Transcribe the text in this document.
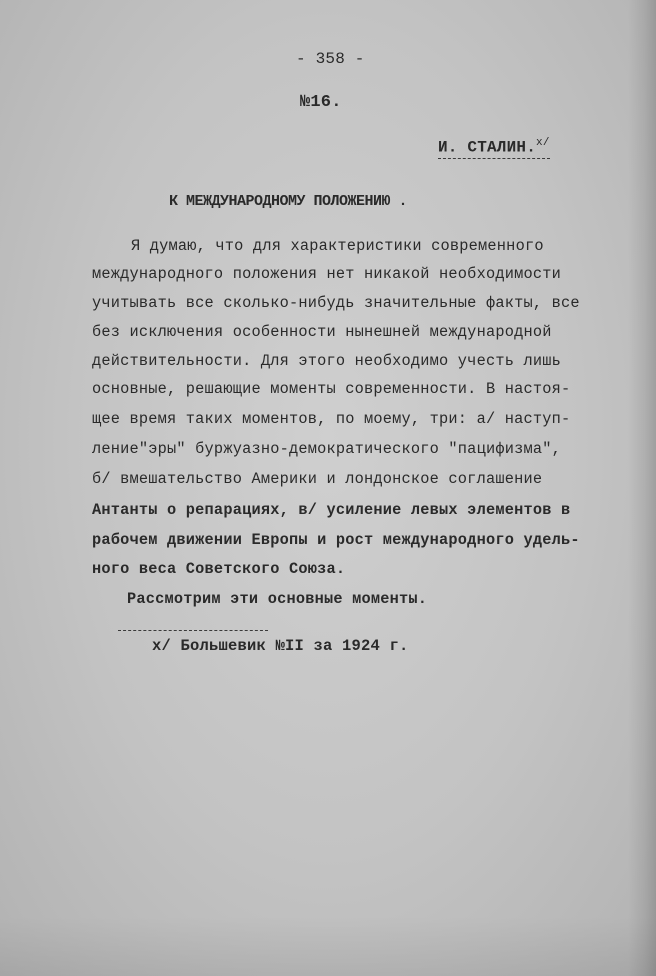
- 358 -
№16.
И. СТАЛИН.$^{х/}$
К МЕЖДУНАРОДНОМУ ПОЛОЖЕНИЮ .
Я думаю, что для характеристики современного
международного положения нет никакой необходимости
учитывать все сколько-нибудь значительные факты, все
без исключения особенности нынешней международной
действительности. Для этого необходимо учесть лишь
основные, решающие моменты современности. В настоя-
щее время таких моментов, по моему, три: а/ наступ-
ление"эры" буржуазно-демократического "пацифизма",
б/ вмешательство Америки и лондонское соглашение
Антанты о репарациях, в/ усиление левых элементов в
рабочем движении Европы и рост международного удель-
ного веса Советского Союза.
Рассмотрим эти основные моменты.
х/ Большевик №II за 1924 г.
